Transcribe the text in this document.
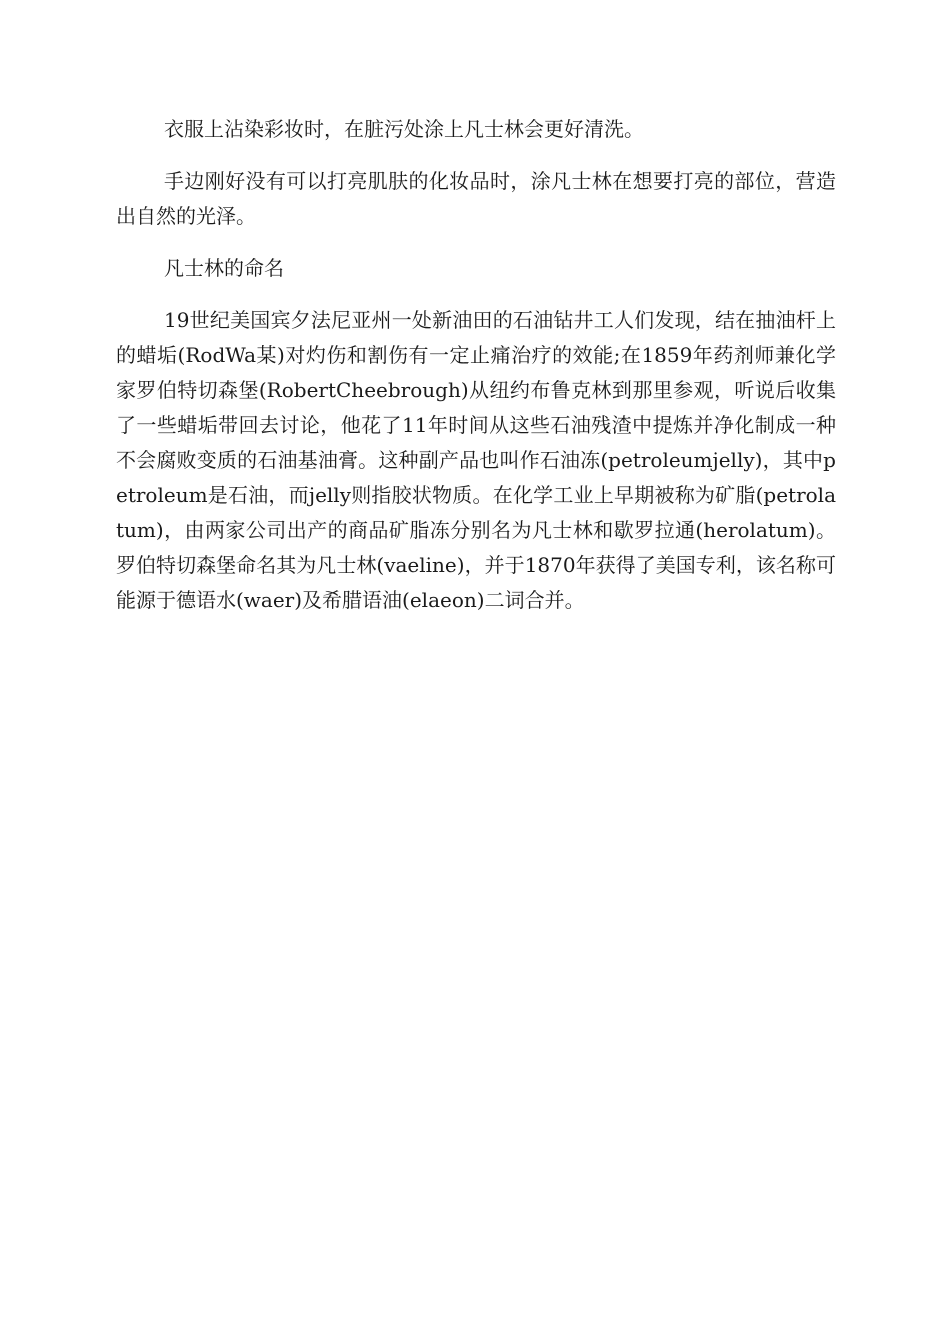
衣服上沾染彩妆时，在脏污处涂上凡士林会更好清洗。

手边刚好没有可以打亮肌肤的化妆品时，涂凡士林在想要打亮的部位，营造出自然的光泽。

凡士林的命名

19世纪美国宾夕法尼亚州一处新油田的石油钻井工人们发现，结在抽油杆上的蜡垢(RodWa某)对灼伤和割伤有一定止痛治疗的效能;在1859年药剂师兼化学家罗伯特切森堡(RobertCheebrough)从纽约布鲁克林到那里参观，听说后收集了一些蜡垢带回去讨论，他花了11年时间从这些石油残渣中提炼并净化制成一种不会腐败变质的石油基油膏。这种副产品也叫作石油冻(petroleumjelly)，其中petroleum是石油，而jelly则指胶状物质。在化学工业上早期被称为矿脂(petrolatum)，由两家公司出产的商品矿脂冻分别名为凡士林和歇罗拉通(herolatum)。罗伯特切森堡命名其为凡士林(vaeline)，并于1870年获得了美国专利，该名称可能源于德语水(waer)及希腊语油(elaeon)二词合并。
